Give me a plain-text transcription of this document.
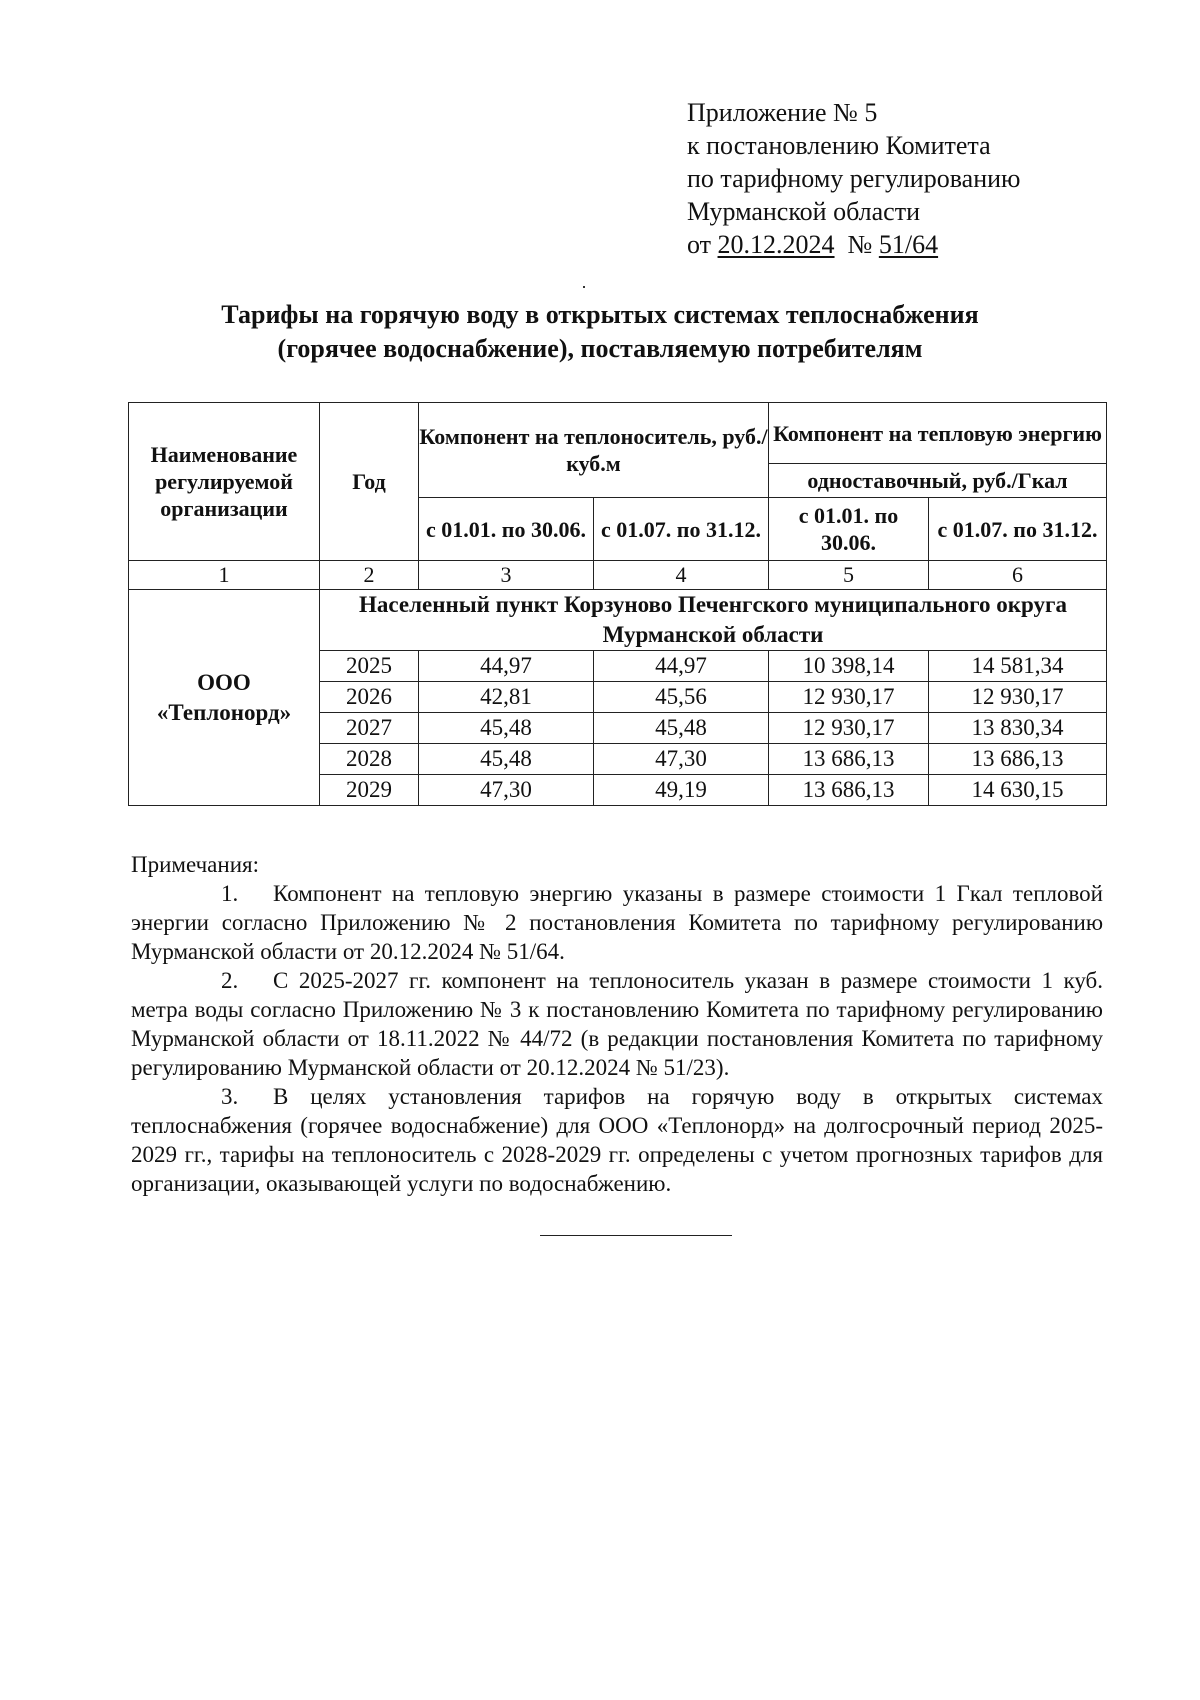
Приложение № 5
к постановлению Комитета
по тарифному регулированию
Мурманской области
от 20.12.2024 № 51/64
Тарифы на горячую воду в открытых системах теплоснабжения
(горячее водоснабжение), поставляемую потребителям
Наименование регулируемой организации	Год	Компонент на теплоноситель, руб./куб.м		Компонент на тепловую энергию	
				одноставочный, руб./Гкал	
		с 01.01. по 30.06.	с 01.07. по 31.12.	с 01.01. по 30.06.	с 01.07. по 31.12.
1	2	3	4	5	6

ООО
«Теплонорд»	Населенный пункт Корзуново Печенгского муниципального округа Мурманской области				
	2025	44,97	44,97	10 398,14	14 581,34
	2026	42,81	45,56	12 930,17	12 930,17
	2027	45,48	45,48	12 930,17	13 830,34
	2028	45,48	47,30	13 686,13	13 686,13
	2029	47,30	49,19	13 686,13	14 630,15
Примечания:

1. Компонент на тепловую энергию указаны в размере стоимости 1 Гкал тепловой энергии согласно Приложению № 2 постановления Комитета по тарифному регулированию Мурманской области от 20.12.2024 № 51/64.

2. С 2025-2027 гг. компонент на теплоноситель указан в размере стоимости 1 куб. метра воды согласно Приложению № 3 к постановлению Комитета по тарифному регулированию Мурманской области от 18.11.2022 № 44/72 (в редакции постановления Комитета по тарифному регулированию Мурманской области от 20.12.2024 № 51/23).

3. В целях установления тарифов на горячую воду в открытых системах теплоснабжения (горячее водоснабжение) для ООО «Теплонорд» на долгосрочный период 2025-2029 гг., тарифы на теплоноситель с 2028-2029 гг. определены с учетом прогнозных тарифов для организации, оказывающей услуги по водоснабжению.
